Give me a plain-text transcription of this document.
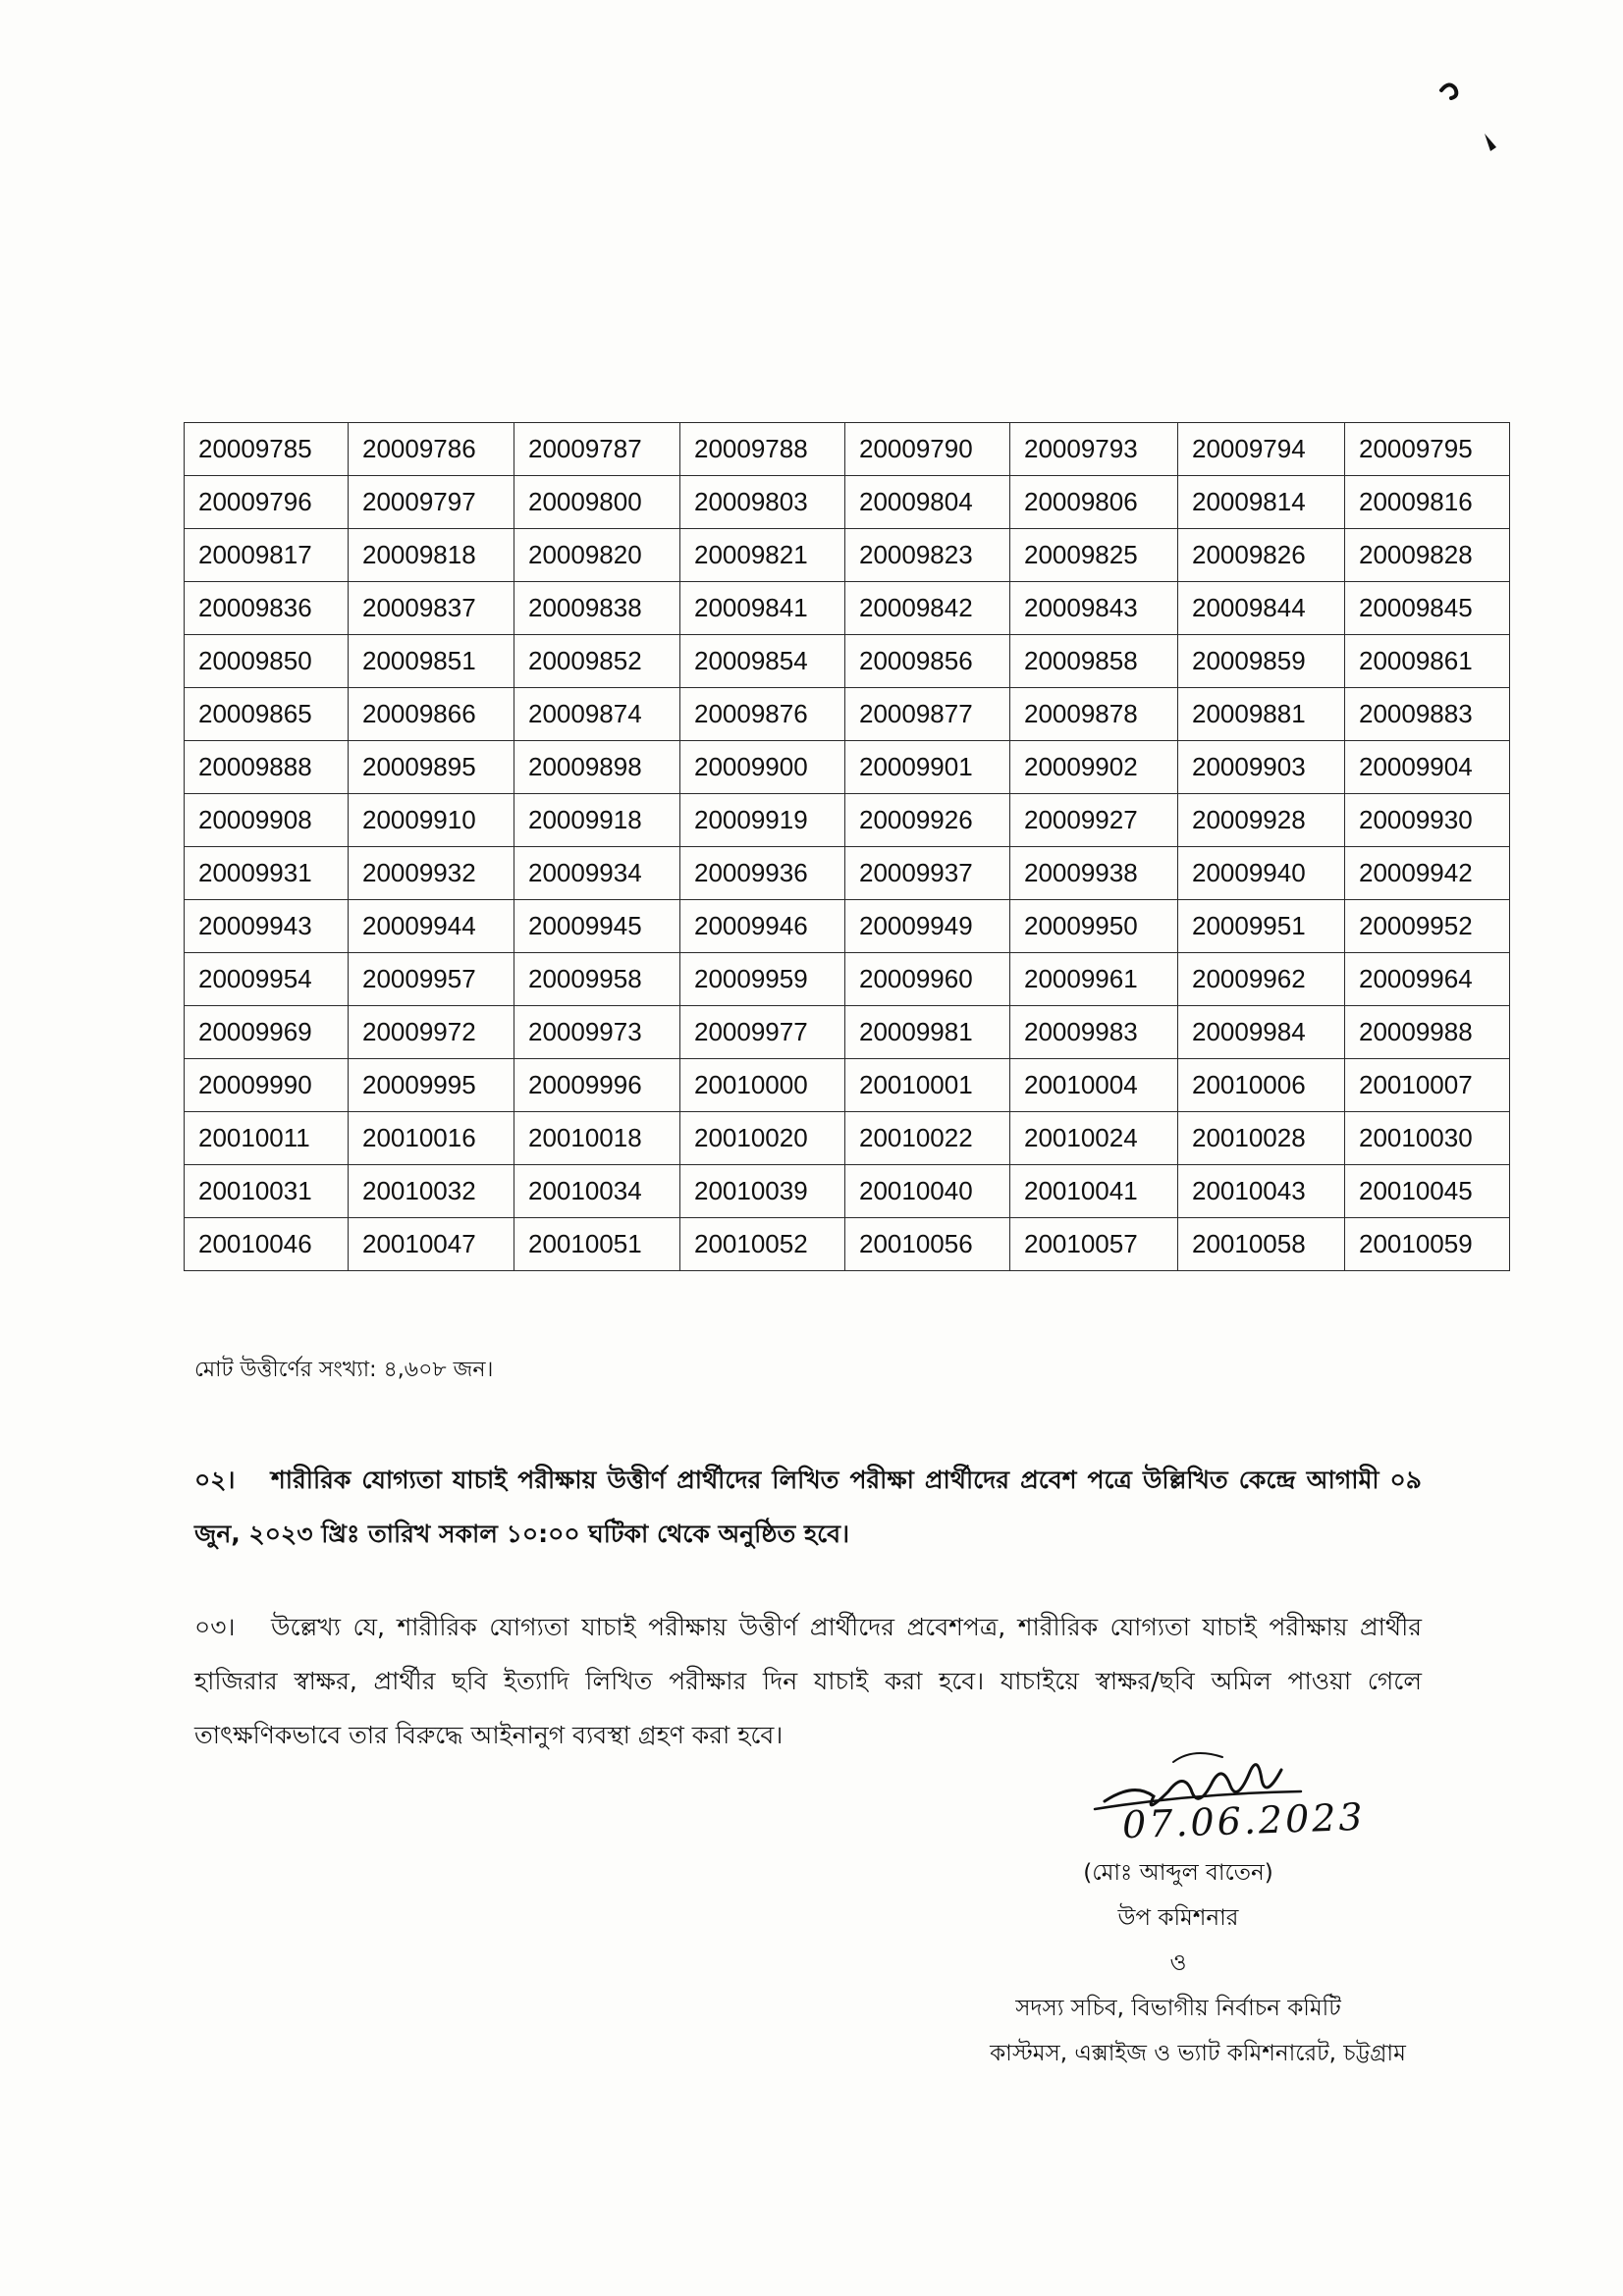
20009785	20009786	20009787	20009788	20009790	20009793	20009794	20009795
20009796	20009797	20009800	20009803	20009804	20009806	20009814	20009816
20009817	20009818	20009820	20009821	20009823	20009825	20009826	20009828
20009836	20009837	20009838	20009841	20009842	20009843	20009844	20009845
20009850	20009851	20009852	20009854	20009856	20009858	20009859	20009861
20009865	20009866	20009874	20009876	20009877	20009878	20009881	20009883
20009888	20009895	20009898	20009900	20009901	20009902	20009903	20009904
20009908	20009910	20009918	20009919	20009926	20009927	20009928	20009930
20009931	20009932	20009934	20009936	20009937	20009938	20009940	20009942
20009943	20009944	20009945	20009946	20009949	20009950	20009951	20009952
20009954	20009957	20009958	20009959	20009960	20009961	20009962	20009964
20009969	20009972	20009973	20009977	20009981	20009983	20009984	20009988
20009990	20009995	20009996	20010000	20010001	20010004	20010006	20010007
20010011	20010016	20010018	20010020	20010022	20010024	20010028	20010030
20010031	20010032	20010034	20010039	20010040	20010041	20010043	20010045
20010046	20010047	20010051	20010052	20010056	20010057	20010058	20010059
মোট উত্তীর্ণের সংখ্যা: ৪,৬০৮ জন।
০২। শারীরিক যোগ্যতা যাচাই পরীক্ষায় উত্তীর্ণ প্রার্থীদের লিখিত পরীক্ষা প্রার্থীদের প্রবেশ পত্রে উল্লিখিত কেন্দ্রে আগামী ০৯ জুন, ২০২৩ খ্রিঃ তারিখ সকাল ১০:০০ ঘটিকা থেকে অনুষ্ঠিত হবে।
০৩। উল্লেখ্য যে, শারীরিক যোগ্যতা যাচাই পরীক্ষায় উত্তীর্ণ প্রার্থীদের প্রবেশপত্র, শারীরিক যোগ্যতা যাচাই পরীক্ষায় প্রার্থীর হাজিরার স্বাক্ষর, প্রার্থীর ছবি ইত্যাদি লিখিত পরীক্ষার দিন যাচাই করা হবে। যাচাইয়ে স্বাক্ষর/ছবি অমিল পাওয়া গেলে তাৎক্ষণিকভাবে তার বিরুদ্ধে আইনানুগ ব্যবস্থা গ্রহণ করা হবে।
07.06.2023
(মোঃ আব্দুল বাতেন)
উপ কমিশনার
ও
সদস্য সচিব, বিভাগীয় নির্বাচন কমিটি
কাস্টমস, এক্সাইজ ও ভ্যাট কমিশনারেট, চট্টগ্রাম
